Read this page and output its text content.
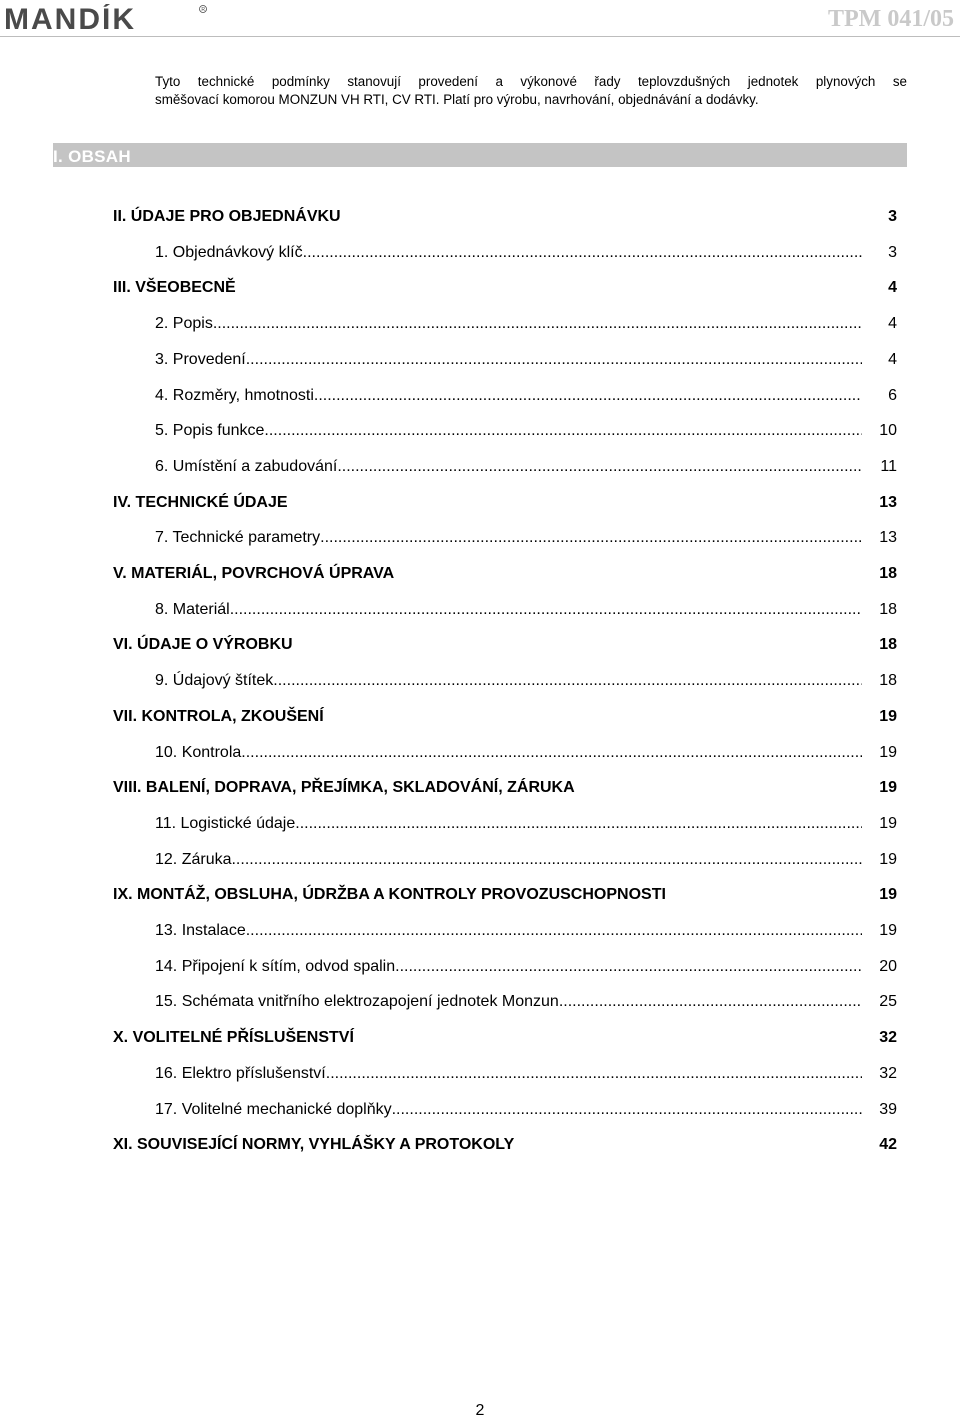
MANDÍK	R	TPM 041/05

Tyto technické podmínky stanovují provedení a výkonové řady teplovzdušných jednotek plynových se

směšovací komorou MONZUN VH RTI, CV RTI. Platí pro výrobu, navrhování, objednávání a dodávky.

I. OBSAH
II. ÚDAJE PRO OBJEDNÁVKU	3
1. Objednávkový klíč .....	3
III. VŠEOBECNĚ	4
2. Popis .....	4
3. Provedení .....	4
4. Rozměry, hmotnosti .....	6
5. Popis funkce .....	10
6. Umístění a zabudování .....	11
IV. TECHNICKÉ ÚDAJE	13
7. Technické parametry .....	13
V. MATERIÁL, POVRCHOVÁ ÚPRAVA	18
8. Materiál .....	18
VI. ÚDAJE O VÝROBKU	18
9. Údajový štítek .....	18
VII. KONTROLA, ZKOUŠENÍ	19
10. Kontrola .....	19
VIII. BALENÍ, DOPRAVA, PŘEJÍMKA, SKLADOVÁNÍ, ZÁRUKA	19
11. Logistické údaje .....	19
12. Záruka .....	19
IX. MONTÁŽ, OBSLUHA, ÚDRŽBA A KONTROLY PROVOZUSCHOPNOSTI	19
13. Instalace .....	19
14. Připojení k sítím, odvod spalin .....	20
15. Schémata vnitřního elektrozapojení jednotek Monzun .....	25
X. VOLITELNÉ PŘÍSLUŠENSTVÍ	32
16. Elektro příslušenství .....	32
17. Volitelné mechanické doplňky .....	39
XI. SOUVISEJÍCÍ NORMY, VYHLÁŠKY A PROTOKOLY	42
2
